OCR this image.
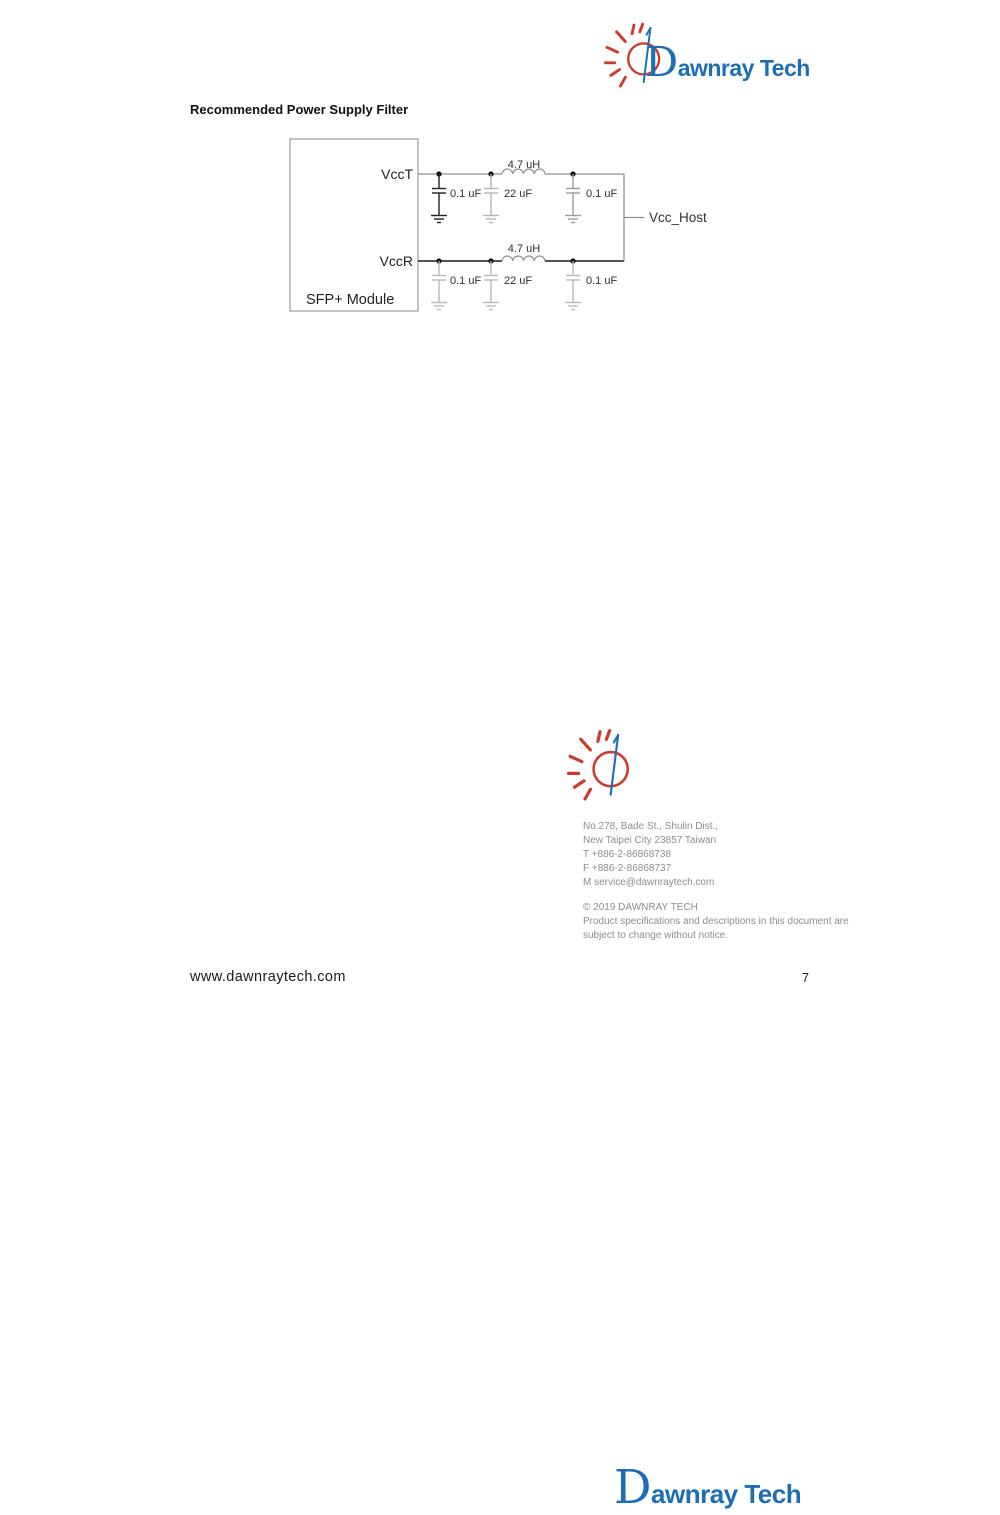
Dawnray Tech
Recommended Power Supply Filter
0.1 uF 22 uF	0.1 uF
4.7 uH
0.1 uF 22 uF	0.1 uF
4.7 uH
VccT
VccR
SFP+ Module
Vcc_Host
Dawnray Tech
No.278, Bade St., Shulin Dist.,
New Taipei City 23857 Taiwan
T +886-2-86868738
F +886-2-86868737
M service@dawnraytech.com
© 2019 DAWNRAY TECH
Product specifications and descriptions in this document are
subject to change without notice.
www.dawnraytech.com	7
